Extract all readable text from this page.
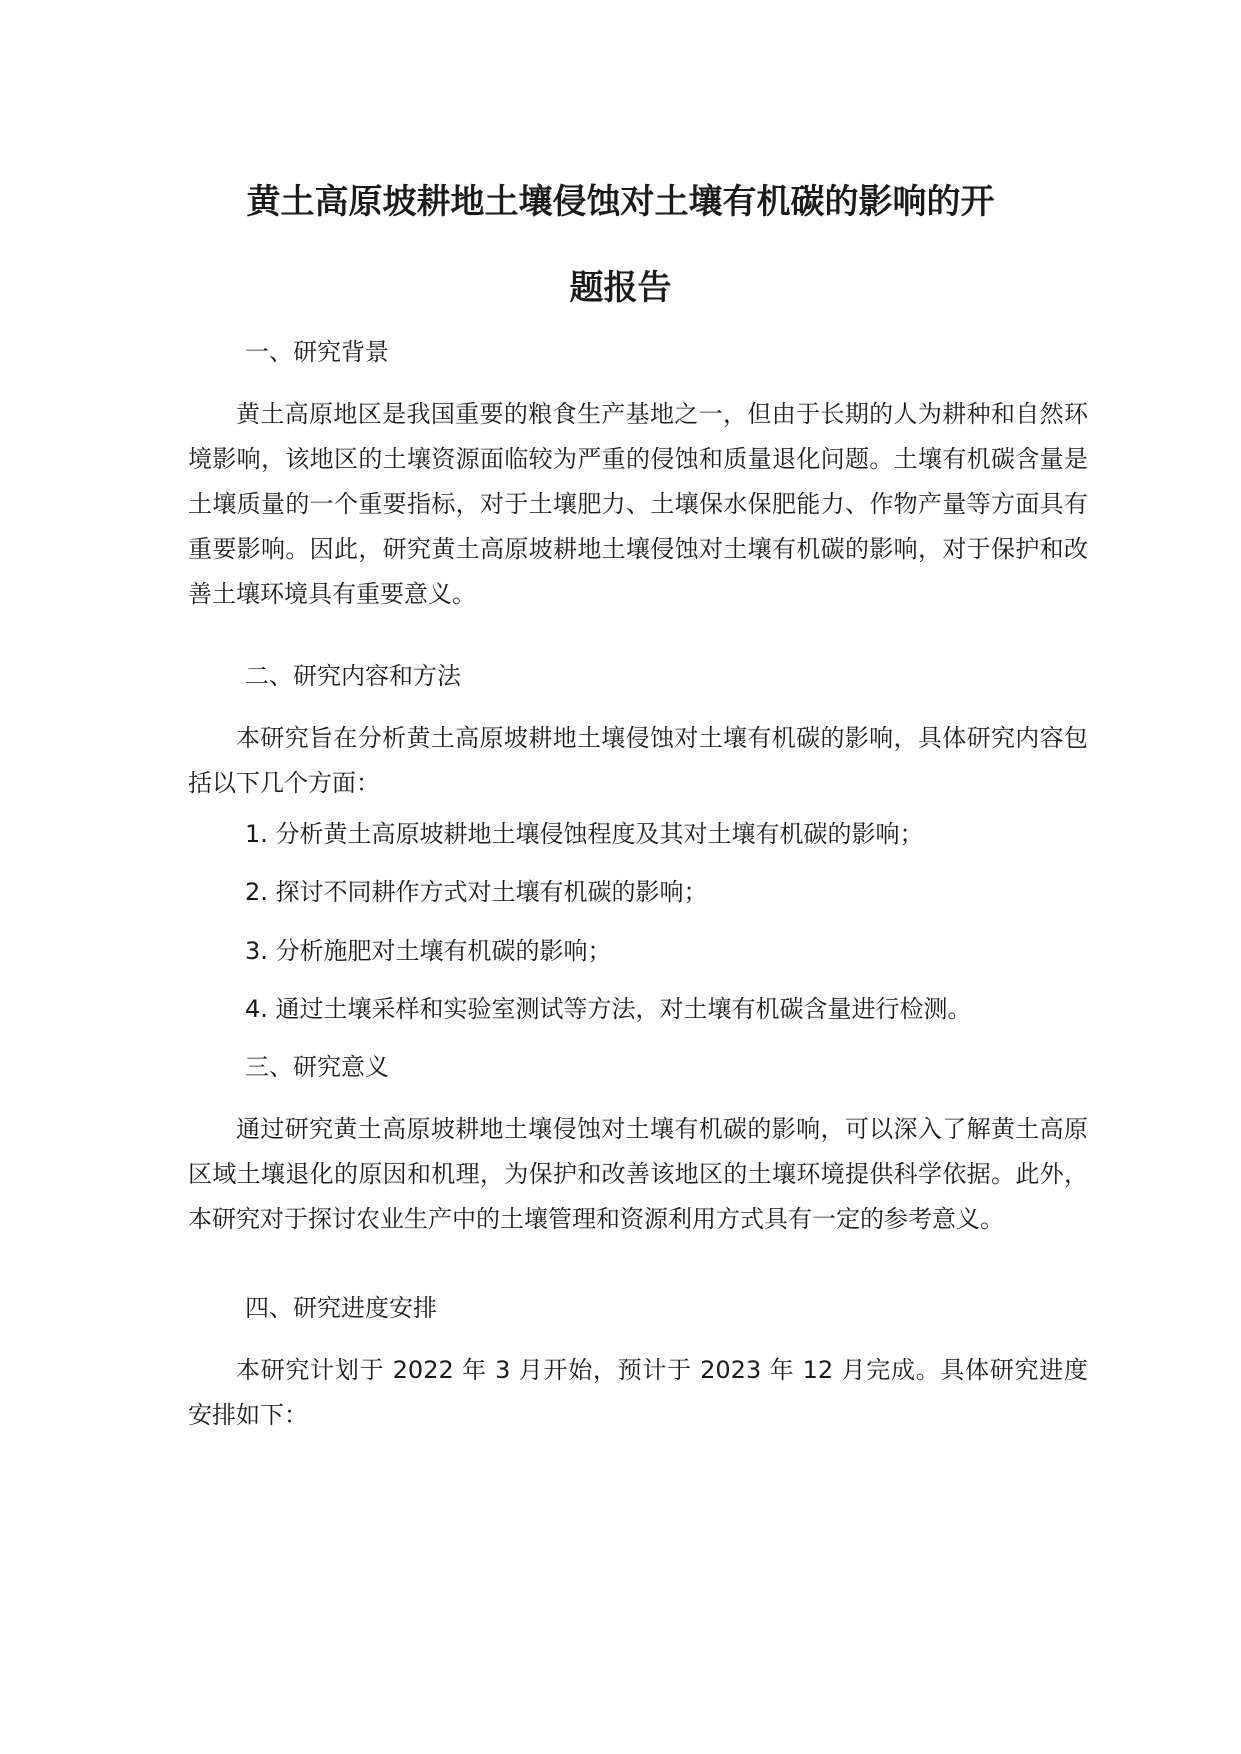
黄土高原坡耕地土壤侵蚀对土壤有机碳的影响的开
题报告

一、研究背景

黄土高原地区是我国重要的粮食生产基地之一，但由于长期的人为耕种和自然环境影响，该地区的土壤资源面临较为严重的侵蚀和质量退化问题。土壤有机碳含量是土壤质量的一个重要指标，对于土壤肥力、土壤保水保肥能力、作物产量等方面具有重要影响。因此，研究黄土高原坡耕地土壤侵蚀对土壤有机碳的影响，对于保护和改善土壤环境具有重要意义。

二、研究内容和方法

本研究旨在分析黄土高原坡耕地土壤侵蚀对土壤有机碳的影响，具体研究内容包括以下几个方面：

1. 分析黄土高原坡耕地土壤侵蚀程度及其对土壤有机碳的影响；

2. 探讨不同耕作方式对土壤有机碳的影响；

3. 分析施肥对土壤有机碳的影响；

4. 通过土壤采样和实验室测试等方法，对土壤有机碳含量进行检测。

三、研究意义

通过研究黄土高原坡耕地土壤侵蚀对土壤有机碳的影响，可以深入了解黄土高原区域土壤退化的原因和机理，为保护和改善该地区的土壤环境提供科学依据。此外，本研究对于探讨农业生产中的土壤管理和资源利用方式具有一定的参考意义。

四、研究进度安排

本研究计划于 2022 年 3 月开始，预计于 2023 年 12 月完成。具体研究进度安排如下：
